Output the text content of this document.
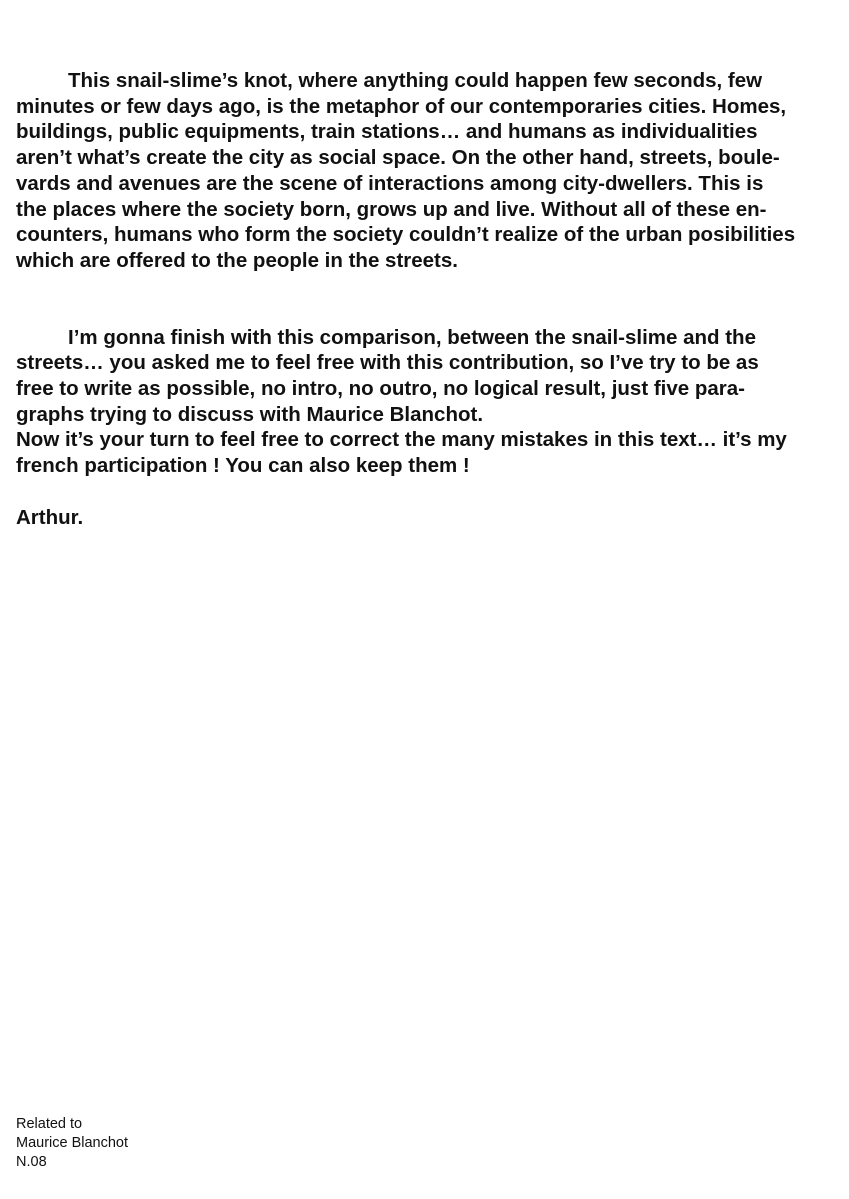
This snail-slime’s knot, where anything could happen few seconds, few
minutes or few days ago, is the metaphor of our contemporaries cities. Homes,
buildings, public equipments, train stations… and humans as individualities
aren’t what’s create the city as social space. On the other hand, streets, boule-
vards and avenues are the scene of interactions among city-dwellers. This is
the places where the society born, grows up and live. Without all of these en-
counters, humans who form the society couldn’t realize of the urban posibilities
which are offered to the people in the streets.

I’m gonna finish with this comparison, between the snail-slime and the
streets… you asked me to feel free with this contribution, so I’ve try to be as
free to write as possible, no intro, no outro, no logical result, just five para-
graphs trying to discuss with Maurice Blanchot.

Now it’s your turn to feel free to correct the many mistakes in this text… it’s my
french participation ! You can also keep them !

Arthur.

Related to
Maurice Blanchot
N.08
